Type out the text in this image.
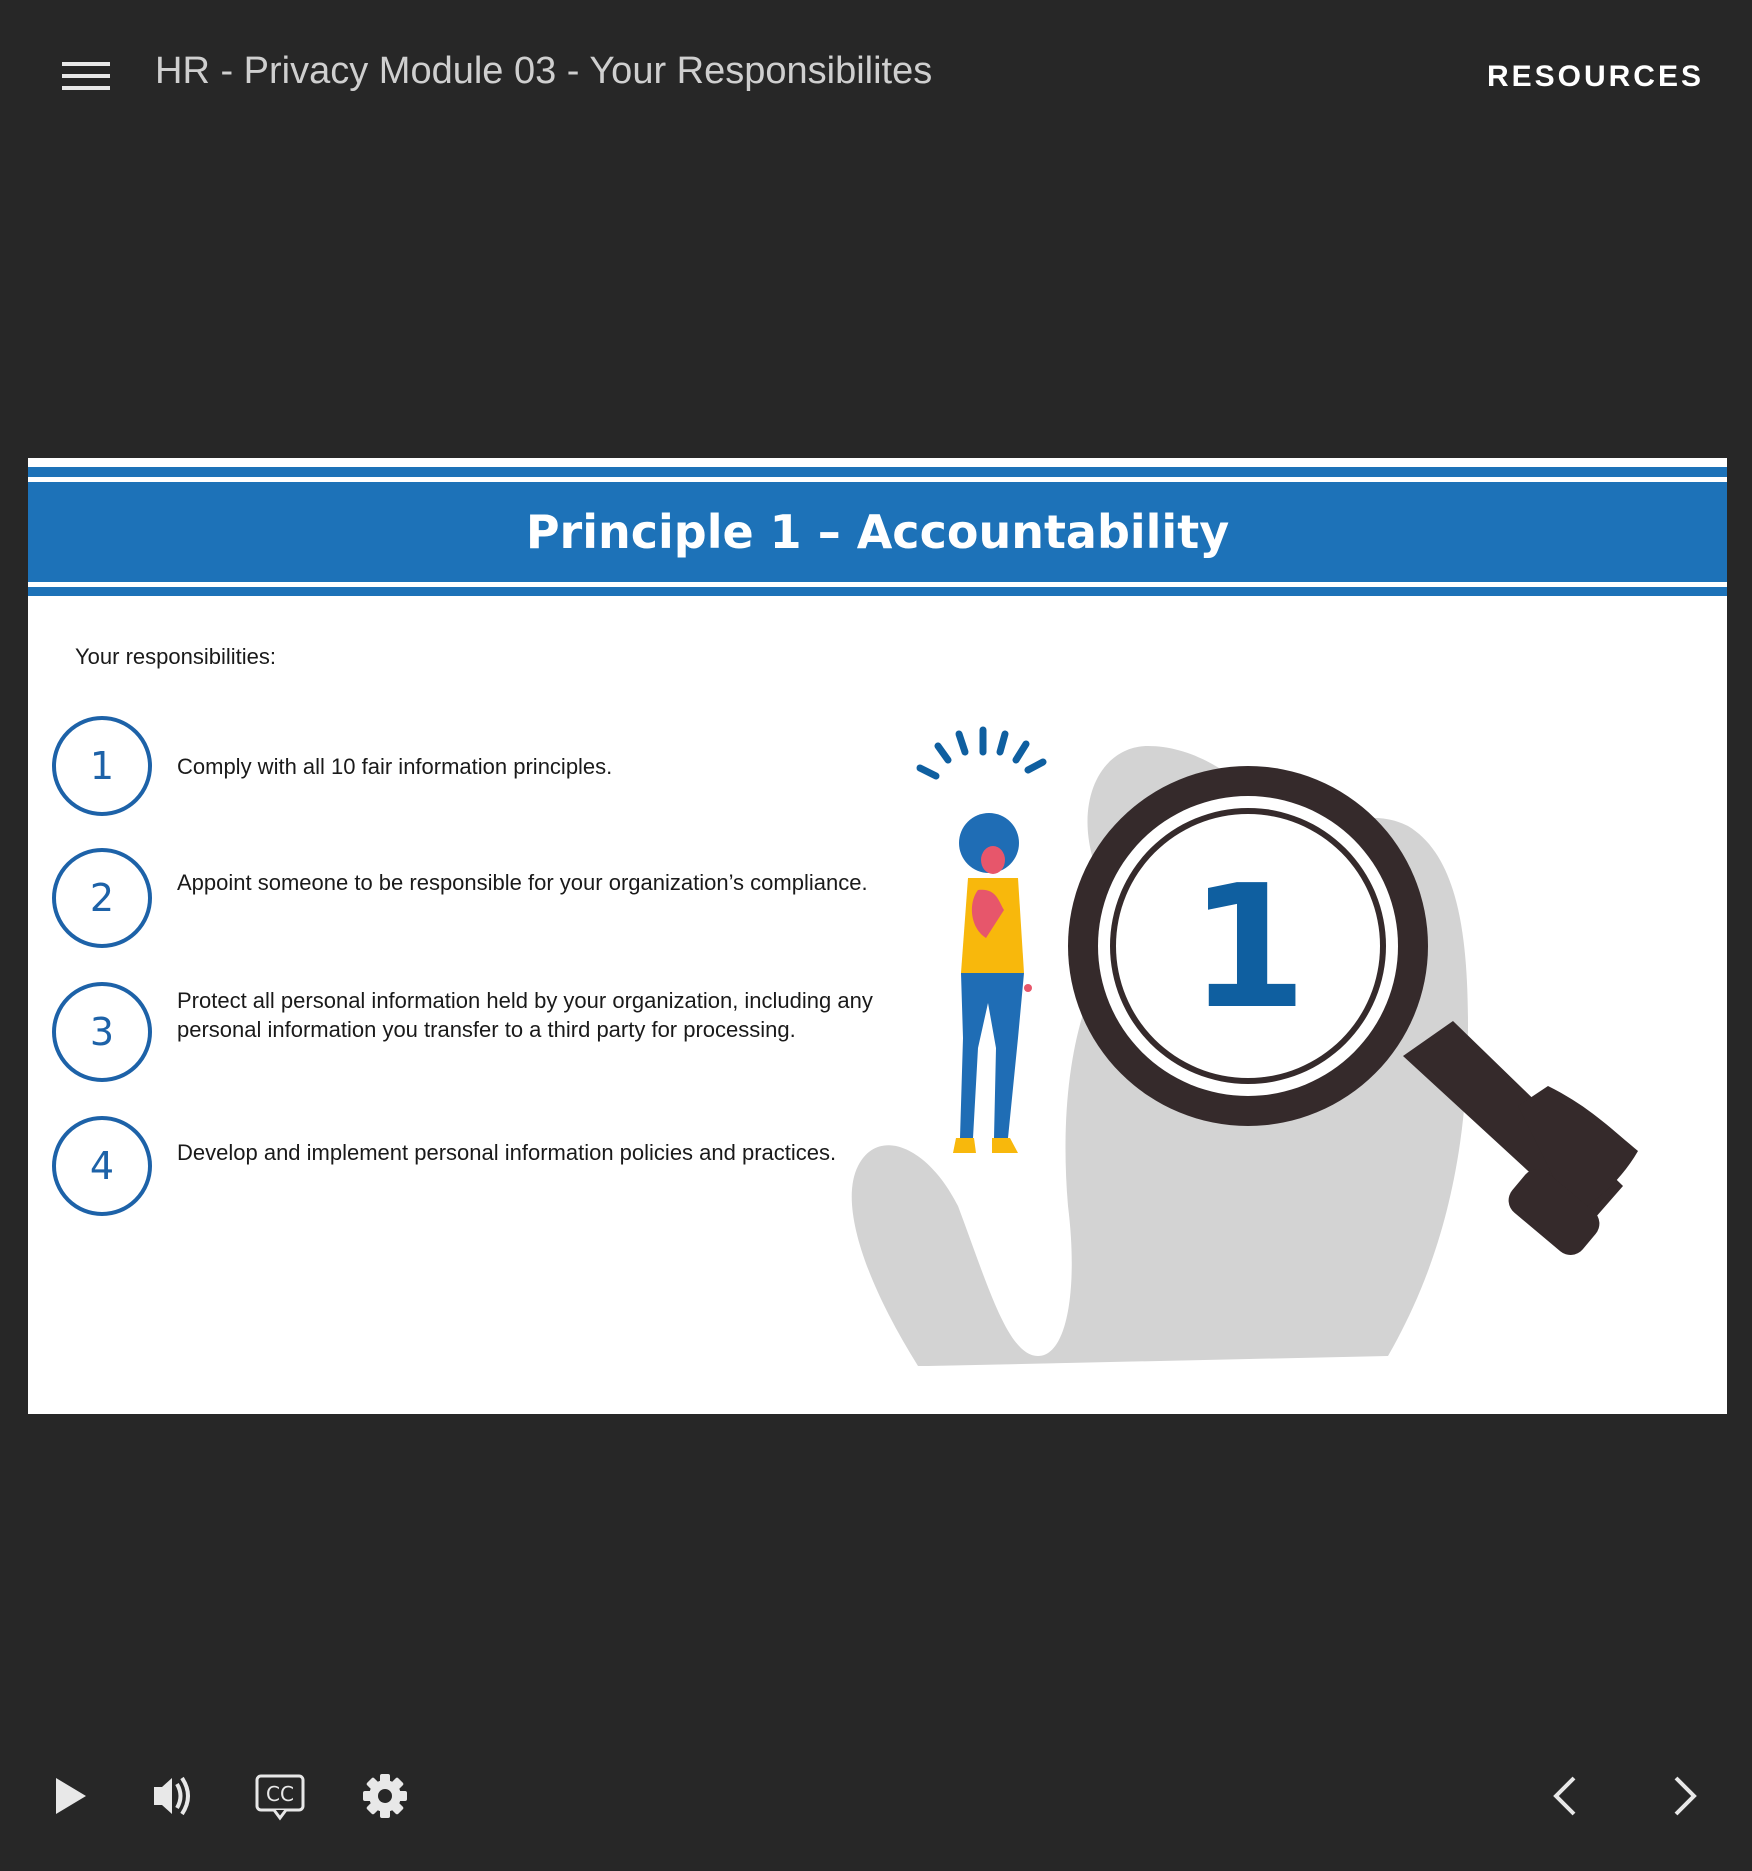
HR - Privacy Module 03 - Your Responsibilites	RESOURCES
Principle 1 – Accountability
Your responsibilities:
1	Comply with all 10 fair information principles.
2	Appoint someone to be responsible for your organization’s compliance.
3
Protect all personal information held by your organization, including any personal information you transfer to a third party for processing.
4	Develop and implement personal information policies and practices.
1
CC
